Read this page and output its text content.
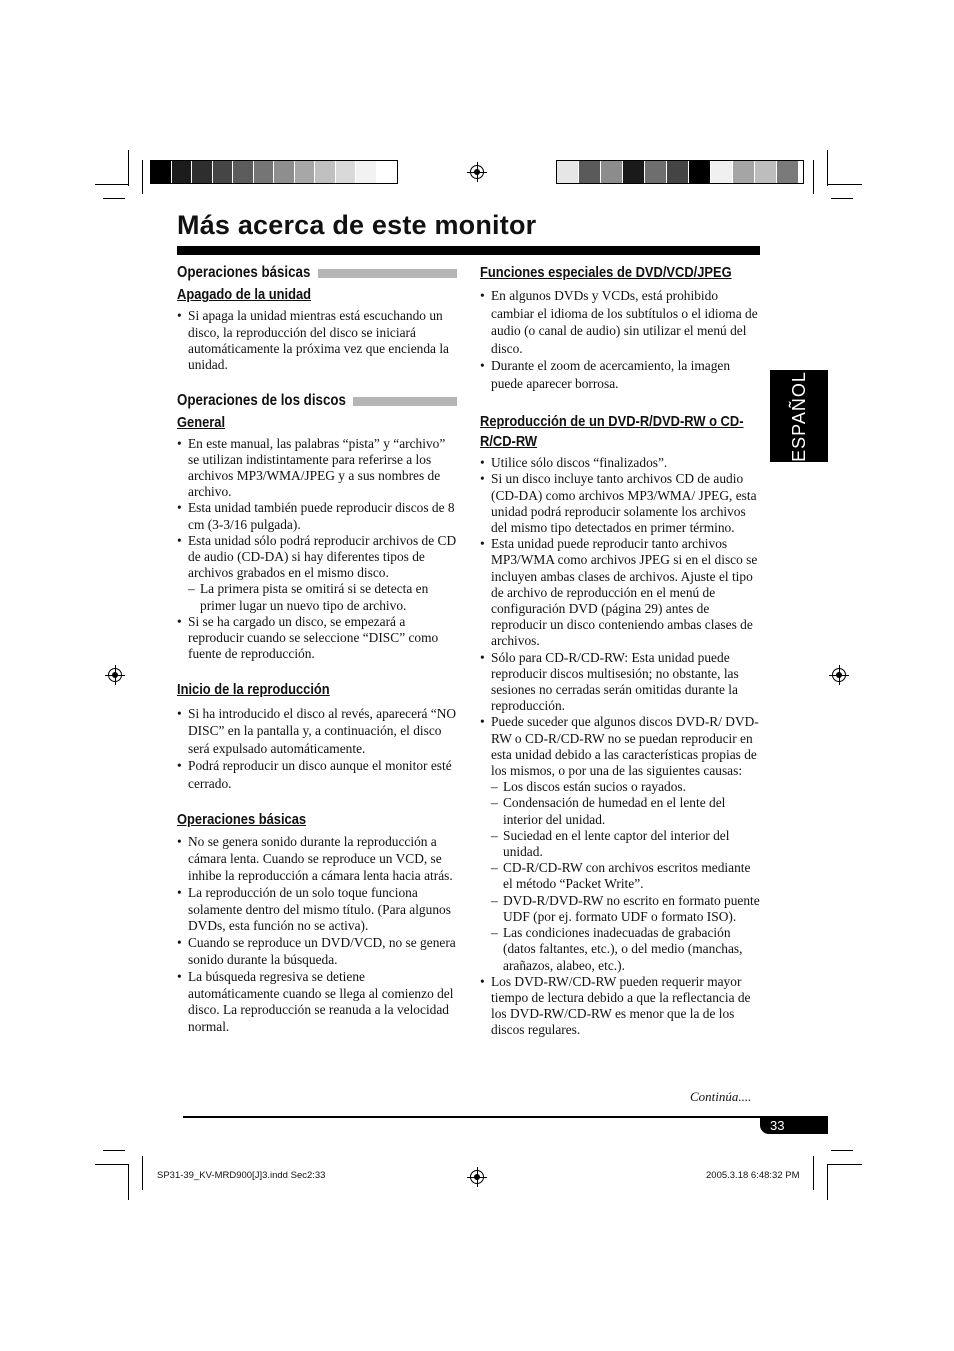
Más acerca de este monitor
ESPAÑOL
Operaciones básicas
Apagado de la unidad
• Si apaga la unidad mientras está escuchando un disco, la reproducción del disco se iniciará automáticamente la próxima vez que encienda la unidad.
Operaciones de los discos
General
• En este manual, las palabras “pista” y “archivo” se utilizan indistintamente para referirse a los archivos MP3/WMA/JPEG y a sus nombres de archivo.
• Esta unidad también puede reproducir discos de 8 cm (3-3/16 pulgada).
• Esta unidad sólo podrá reproducir archivos de CD de audio (CD-DA) si hay diferentes tipos de archivos grabados en el mismo disco.
– La primera pista se omitirá si se detecta en primer lugar un nuevo tipo de archivo.
• Si se ha cargado un disco, se empezará a reproducir cuando se seleccione “DISC” como fuente de reproducción.
Inicio de la reproducción
• Si ha introducido el disco al revés, aparecerá “NO DISC” en la pantalla y, a continuación, el disco será expulsado automáticamente.
• Podrá reproducir un disco aunque el monitor esté cerrado.
Operaciones básicas
• No se genera sonido durante la reproducción a cámara lenta. Cuando se reproduce un VCD, se inhibe la reproducción a cámara lenta hacia atrás.
• La reproducción de un solo toque funciona solamente dentro del mismo título. (Para algunos DVDs, esta función no se activa).
• Cuando se reproduce un DVD/VCD, no se genera sonido durante la búsqueda.
• La búsqueda regresiva se detiene automáticamente cuando se llega al comienzo del disco. La reproducción se reanuda a la velocidad normal.
Funciones especiales de DVD/VCD/JPEG
• En algunos DVDs y VCDs, está prohibido cambiar el idioma de los subtítulos o el idioma de audio (o canal de audio) sin utilizar el menú del disco.
• Durante el zoom de acercamiento, la imagen puede aparecer borrosa.
Reproducción de un DVD-R/DVD-RW o CD-R/CD-RW
• Utilice sólo discos “finalizados”.
• Si un disco incluye tanto archivos CD de audio (CD-DA) como archivos MP3/WMA/ JPEG, esta unidad podrá reproducir solamente los archivos del mismo tipo detectados en primer término.
• Esta unidad puede reproducir tanto archivos MP3/WMA como archivos JPEG si en el disco se incluyen ambas clases de archivos. Ajuste el tipo de archivo de reproducción en el menú de configuración DVD (página 29) antes de reproducir un disco conteniendo ambas clases de archivos.
• Sólo para CD-R/CD-RW: Esta unidad puede reproducir discos multisesión; no obstante, las sesiones no cerradas serán omitidas durante la reproducción.
• Puede suceder que algunos discos DVD-R/ DVD-RW o CD-R/CD-RW no se puedan reproducir en esta unidad debido a las características propias de los mismos, o por una de las siguientes causas:
– Los discos están sucios o rayados.
– Condensación de humedad en el lente del interior del unidad.
– Suciedad en el lente captor del interior del unidad.
– CD-R/CD-RW con archivos escritos mediante el método “Packet Write”.
– DVD-R/DVD-RW no escrito en formato puente UDF (por ej. formato UDF o formato ISO).
– Las condiciones inadecuadas de grabación (datos faltantes, etc.), o del medio (manchas, arañazos, alabeo, etc.).
• Los DVD-RW/CD-RW pueden requerir mayor tiempo de lectura debido a que la reflectancia de los DVD-RW/CD-RW es menor que la de los discos regulares.
Continúa....
33
SP31-39_KV-MRD900[J]3.indd Sec2:33	2005.3.18 6:48:32 PM
